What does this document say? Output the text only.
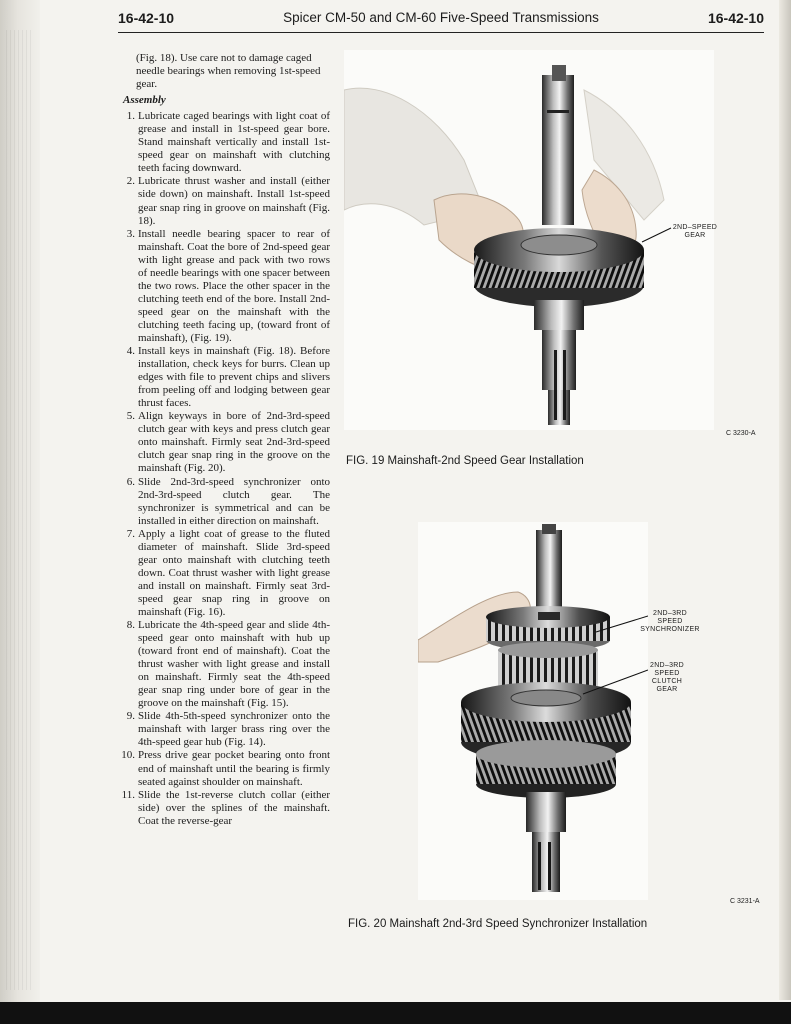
16-42-10	Spicer CM-50 and CM-60 Five-Speed Transmissions	16-42-10

(Fig. 18). Use care not to damage caged needle bearings when removing 1st-speed gear.

Assembly
1. Lubricate caged bearings with light coat of grease and install in 1st-speed gear bore. Stand mainshaft vertically and install 1st-speed gear on mainshaft with clutching teeth facing downward.
2. Lubricate thrust washer and install (either side down) on mainshaft. Install 1st-speed gear snap ring in groove on mainshaft (Fig. 18).
3. Install needle bearing spacer to rear of mainshaft. Coat the bore of 2nd-speed gear with light grease and pack with two rows of needle bearings with one spacer between the two rows. Place the other spacer in the clutching teeth end of the bore. Install 2nd-speed gear on the mainshaft with the clutching teeth facing up, (toward front of mainshaft), (Fig. 19).
4. Install keys in mainshaft (Fig. 18). Before installation, check keys for burrs. Clean up edges with file to prevent chips and slivers from peeling off and lodging between gear thrust faces.
5. Align keyways in bore of 2nd-3rd-speed clutch gear with keys and press clutch gear onto mainshaft. Firmly seat 2nd-3rd-speed clutch gear snap ring in the groove on the mainshaft (Fig. 20).
6. Slide 2nd-3rd-speed synchronizer onto 2nd-3rd-speed clutch gear. The synchronizer is symmetrical and can be installed in either direction on mainshaft.
7. Apply a light coat of grease to the fluted diameter of mainshaft. Slide 3rd-speed gear onto mainshaft with clutching teeth down. Coat thrust washer with light grease and install on mainshaft. Firmly seat 3rd-speed gear snap ring in groove on mainshaft (Fig. 16).
8. Lubricate the 4th-speed gear and slide 4th-speed gear onto mainshaft with hub up (toward front end of mainshaft). Coat the thrust washer with light grease and install on mainshaft. Firmly seat the 4th-speed gear snap ring under bore of gear in the groove on the mainshaft (Fig. 15).
9. Slide 4th-5th-speed synchronizer onto the mainshaft with larger brass ring over the 4th-speed gear hub (Fig. 14).
10. Press drive gear pocket bearing onto front end of mainshaft until the bearing is firmly seated against shoulder on mainshaft.
11. Slide the 1st-reverse clutch collar (either side) over the splines of the mainshaft. Coat the reverse-gear
2ND–SPEED
GEAR
C 3230-A
FIG. 19 Mainshaft-2nd Speed Gear Installation
2ND–3RD
SPEED
SYNCHRONIZER
2ND–3RD
SPEED
CLUTCH
GEAR
C 3231-A
FIG. 20 Mainshaft 2nd-3rd Speed Synchronizer Installation
